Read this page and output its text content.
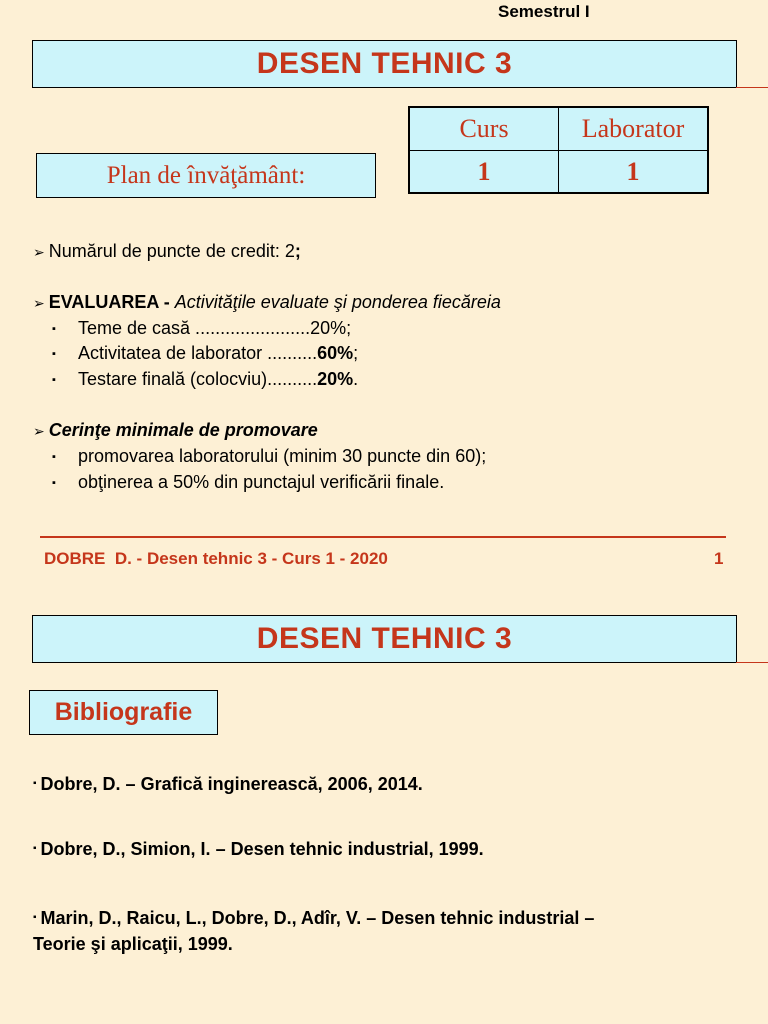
Semestrul I
DESEN TEHNIC 3
Curs	Laborator
1	1
Plan de învăţământ:
➢ Numărul de puncte de credit: 2;
➢ EVALUAREA - Activităţile evaluate şi ponderea fiecăreia
▪ Teme de casă .......................20%;
▪ Activitatea de laborator ..........60%;
▪ Testare finală (colocviu)..........20%.
➢ Cerinţe minimale de promovare
▪ promovarea laboratorului (minim 30 puncte din 60);
▪ obţinerea a 50% din punctajul verificării finale.
DOBRE  D. - Desen tehnic 3 - Curs 1 - 2020	1
DESEN TEHNIC 3
Bibliografie
▪ Dobre, D. – Grafică inginerească, 2006, 2014.
▪ Dobre, D., Simion, I. – Desen tehnic industrial, 1999.
▪ Marin, D., Raicu, L., Dobre, D., Adîr, V. – Desen tehnic industrial –
Teorie şi aplicaţii, 1999.
